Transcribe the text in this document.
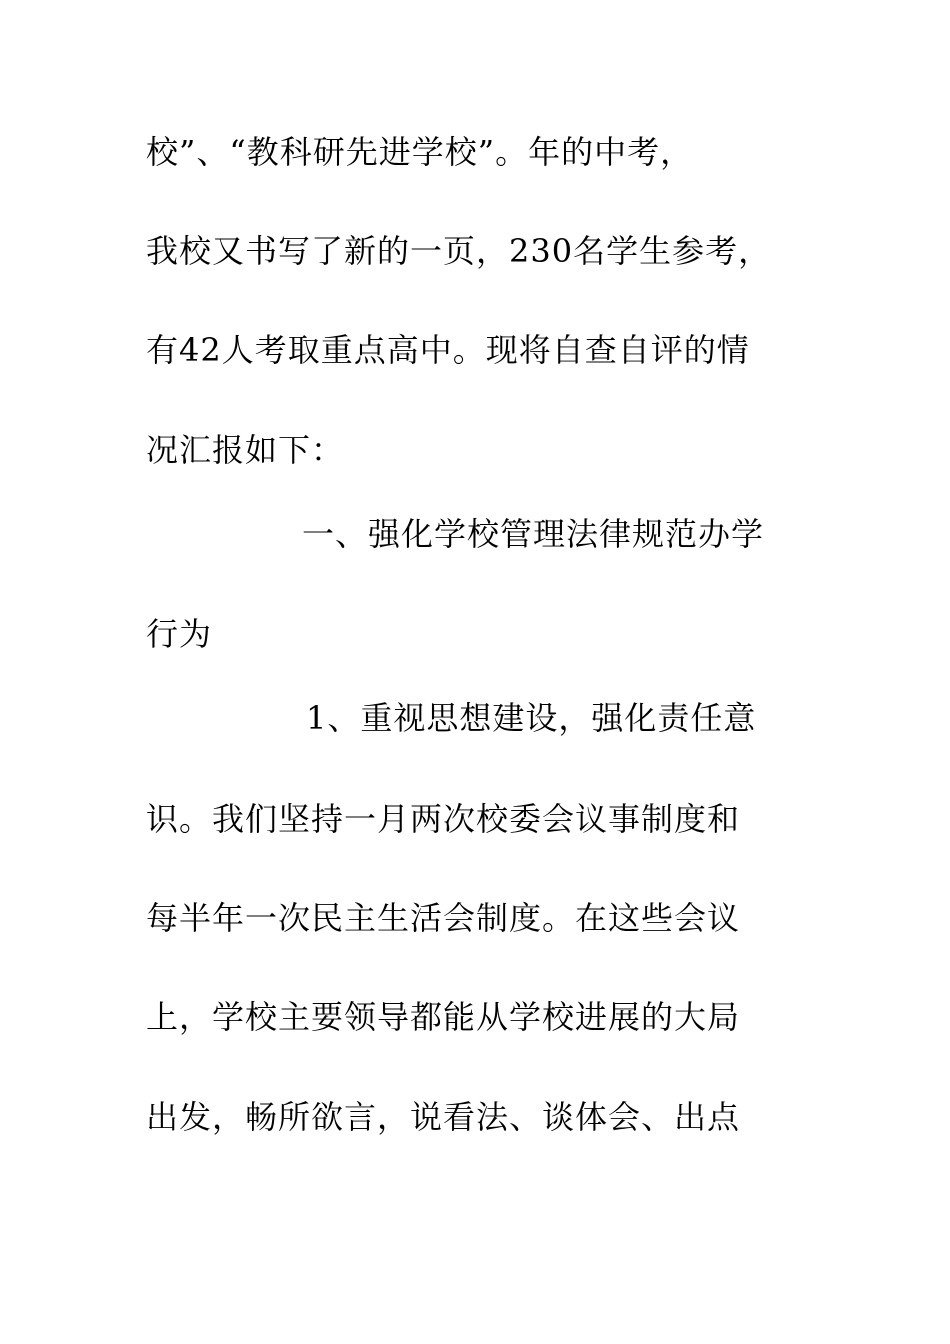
校”、“教科研先进学校”。年的中考，
我校又书写了新的一页，230名学生参考，
有42人考取重点高中。现将自查自评的情
况汇报如下：
一、强化学校管理法律规范办学
行为
1、重视思想建设，强化责任意
识。我们坚持一月两次校委会议事制度和
每半年一次民主生活会制度。在这些会议
上，学校主要领导都能从学校进展的大局
出发，畅所欲言，说看法、谈体会、出点
